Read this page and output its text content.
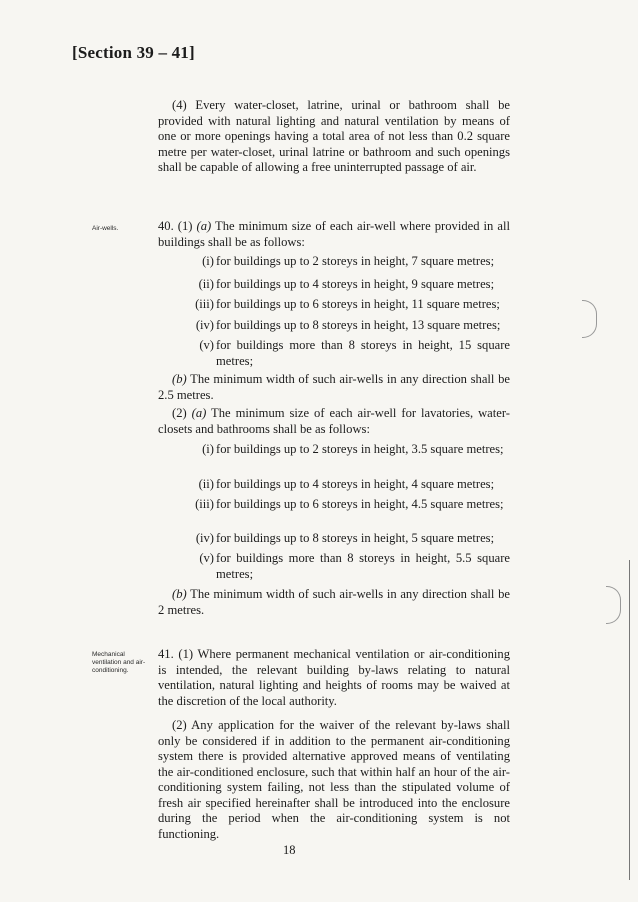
[Section 39 – 41]
(4) Every water-closet, latrine, urinal or bathroom shall be provided with natural lighting and natural ventilation by means of one or more openings having a total area of not less than 0.2 square metre per water-closet, urinal latrine or bathroom and such openings shall be capable of allowing a free uninterrupted passage of air.
Air-wells.	40. (1) (a) The minimum size of each air-well where provided in all buildings shall be as follows:
(i) for buildings up to 2 storeys in height, 7 square metres;
(ii) for buildings up to 4 storeys in height, 9 square metres;
(iii) for buildings up to 6 storeys in height, 11 square metres;
(iv) for buildings up to 8 storeys in height, 13 square metres;
(v) for buildings more than 8 storeys in height, 15 square metres;
(b) The minimum width of such air-wells in any direction shall be 2.5 metres.
(2) (a) The minimum size of each air-well for lavatories, water-closets and bathrooms shall be as follows:
(i) for buildings up to 2 storeys in height, 3.5 square metres;
(ii) for buildings up to 4 storeys in height, 4 square metres;
(iii) for buildings up to 6 storeys in height, 4.5 square metres;
(iv) for buildings up to 8 storeys in height, 5 square metres;
(v) for buildings more than 8 storeys in height, 5.5 square metres;
(b) The minimum width of such air-wells in any direction shall be 2 metres.
Mechanical ventilation and air-conditioning.
41. (1) Where permanent mechanical ventilation or air-conditioning is intended, the relevant building by-laws relating to natural ventilation, natural lighting and heights of rooms may be waived at the discretion of the local authority.
(2) Any application for the waiver of the relevant by-laws shall only be considered if in addition to the permanent air-conditioning system there is provided alternative approved means of ventilating the air-conditioned enclosure, such that within half an hour of the air-conditioning system failing, not less than the stipulated volume of fresh air specified hereinafter shall be introduced into the enclosure during the period when the air-conditioning system is not functioning.
18
